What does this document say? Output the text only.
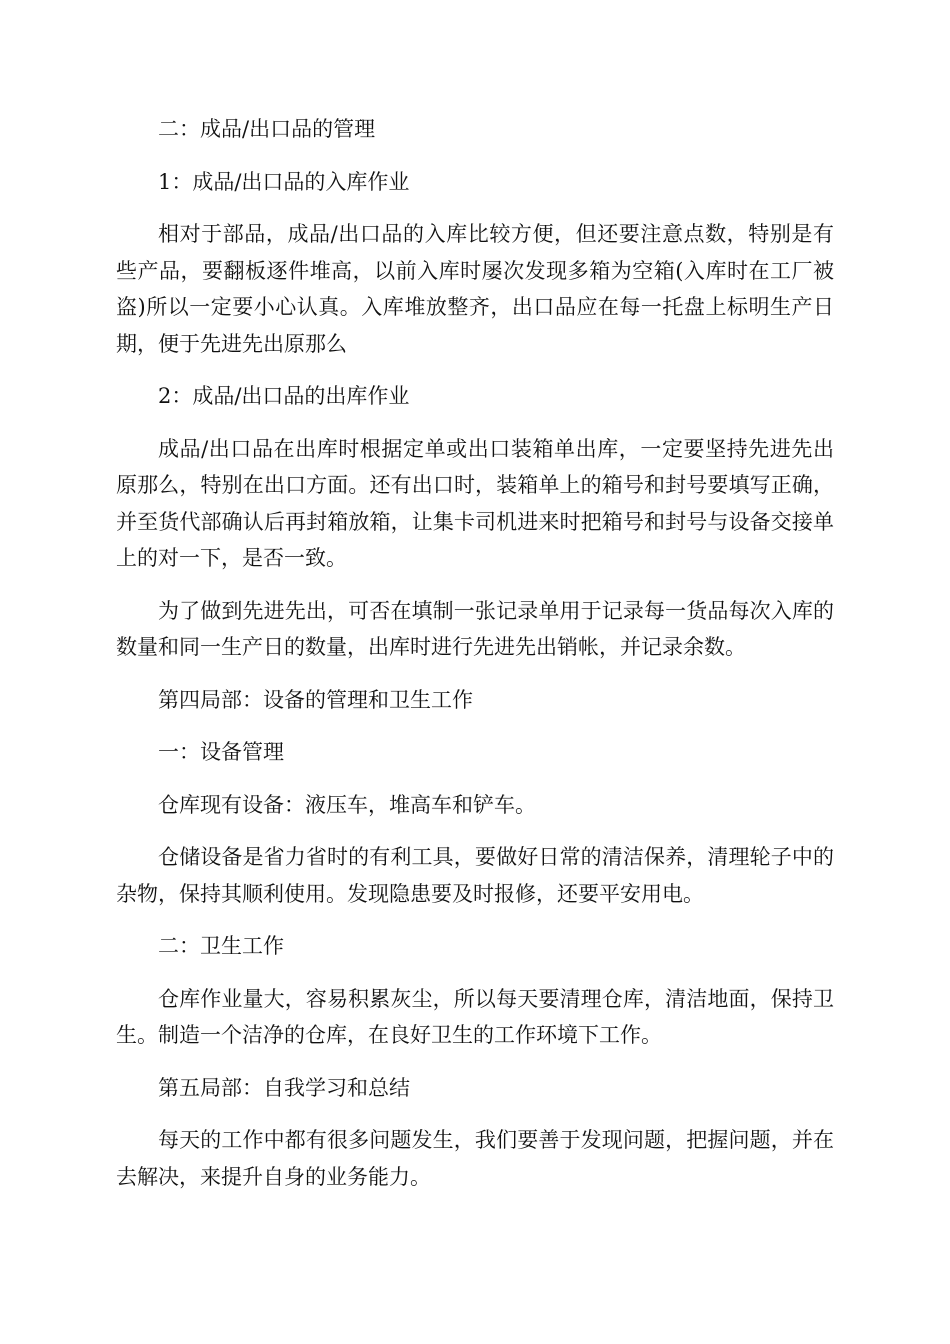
二：成品/出口品的管理

1：成品/出口品的入库作业

相对于部品，成品/出口品的入库比较方便，但还要注意点数，特别是有些产品，要翻板逐件堆高，以前入库时屡次发现多箱为空箱(入库时在工厂被盗)所以一定要小心认真。入库堆放整齐，出口品应在每一托盘上标明生产日期，便于先进先出原那么

2：成品/出口品的出库作业

成品/出口品在出库时根据定单或出口装箱单出库，一定要坚持先进先出原那么，特别在出口方面。还有出口时，装箱单上的箱号和封号要填写正确，并至货代部确认后再封箱放箱，让集卡司机进来时把箱号和封号与设备交接单上的对一下，是否一致。

为了做到先进先出，可否在填制一张记录单用于记录每一货品每次入库的数量和同一生产日的数量，出库时进行先进先出销帐，并记录余数。

第四局部：设备的管理和卫生工作

一：设备管理

仓库现有设备：液压车，堆高车和铲车。

仓储设备是省力省时的有利工具，要做好日常的清洁保养，清理轮子中的杂物，保持其顺利使用。发现隐患要及时报修，还要平安用电。

二：卫生工作

仓库作业量大，容易积累灰尘，所以每天要清理仓库，清洁地面，保持卫生。制造一个洁净的仓库，在良好卫生的工作环境下工作。

第五局部：自我学习和总结

每天的工作中都有很多问题发生，我们要善于发现问题，把握问题，并在去解决，来提升自身的业务能力。
